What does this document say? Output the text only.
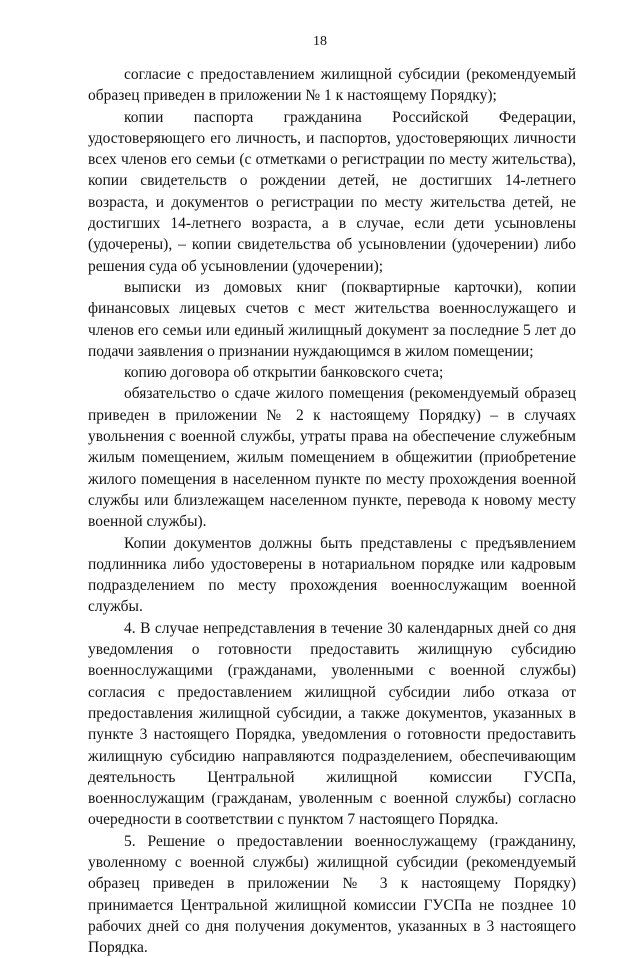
18

согласие с предоставлением жилищной субсидии (рекомендуемый образец приведен в приложении № 1 к настоящему Порядку);

копии паспорта гражданина Российской Федерации, удостоверяющего его личность, и паспортов, удостоверяющих личности всех членов его семьи (с отметками о регистрации по месту жительства), копии свидетельств о рождении детей, не достигших 14-летнего возраста, и документов о регистрации по месту жительства детей, не достигших 14-летнего возраста, а в случае, если дети усыновлены (удочерены), – копии свидетельства об усыновлении (удочерении) либо решения суда об усыновлении (удочерении);

выписки из домовых книг (поквартирные карточки), копии финансовых лицевых счетов с мест жительства военнослужащего и членов его семьи или единый жилищный документ за последние 5 лет до подачи заявления о признании нуждающимся в жилом помещении;

копию договора об открытии банковского счета;

обязательство о сдаче жилого помещения (рекомендуемый образец приведен в приложении № 2 к настоящему Порядку) – в случаях увольнения с военной службы, утраты права на обеспечение служебным жилым помещением, жилым помещением в общежитии (приобретение жилого помещения в населенном пункте по месту прохождения военной службы или близлежащем населенном пункте, перевода к новому месту военной службы).

Копии документов должны быть представлены с предъявлением подлинника либо удостоверены в нотариальном порядке или кадровым подразделением по месту прохождения военнослужащим военной службы.

4. В случае непредставления в течение 30 календарных дней со дня уведомления о готовности предоставить жилищную субсидию военнослужащими (гражданами, уволенными с военной службы) согласия с предоставлением жилищной субсидии либо отказа от предоставления жилищной субсидии, а также документов, указанных в пункте 3 настоящего Порядка, уведомления о готовности предоставить жилищную субсидию направляются подразделением, обеспечивающим деятельность Центральной жилищной комиссии ГУСПа, военнослужащим (гражданам, уволенным с военной службы) согласно очередности в соответствии с пунктом 7 настоящего Порядка.

5. Решение о предоставлении военнослужащему (гражданину, уволенному с военной службы) жилищной субсидии (рекомендуемый образец приведен в приложении № 3 к настоящему Порядку) принимается Центральной жилищной комиссии ГУСПа не позднее 10 рабочих дней со дня получения документов, указанных в 3 настоящего Порядка.
